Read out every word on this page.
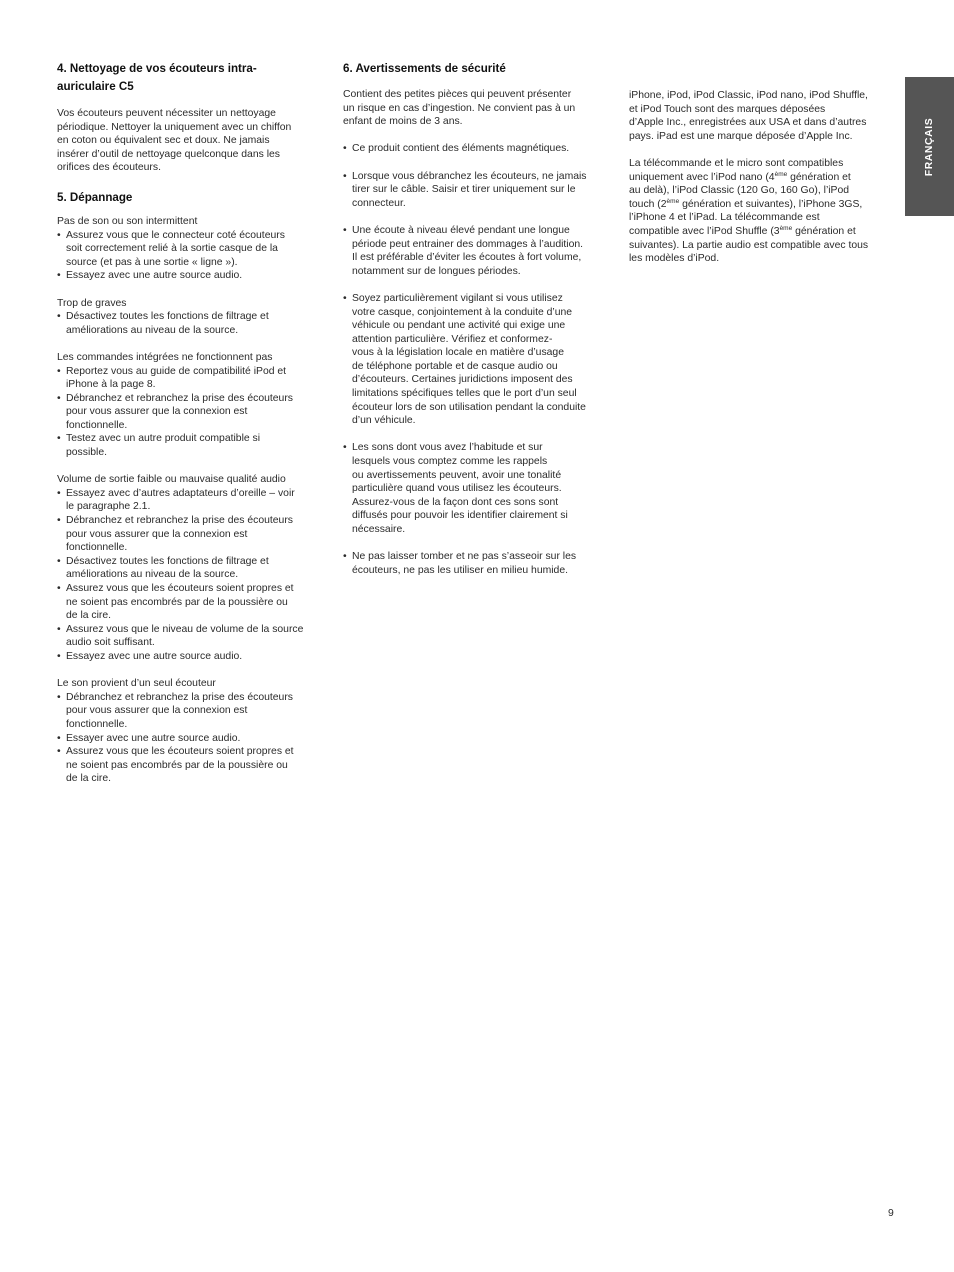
4. Nettoyage de vos écouteurs intra-
auriculaire C5

Vos écouteurs peuvent nécessiter un nettoyage
périodique. Nettoyer la uniquement avec un chiffon
en coton ou équivalent sec et doux. Ne jamais
insérer d’outil de nettoyage quelconque dans les
orifices des écouteurs.

5. Dépannage

Pas de son ou son intermittent

• Assurez vous que le connecteur coté écouteurs
soit correctement relié à la sortie casque de la
source (et pas à une sortie « ligne »).
• Essayez avec une autre source audio.

Trop de graves

• Désactivez toutes les fonctions de filtrage et
améliorations au niveau de la source.

Les commandes intégrées ne fonctionnent pas

• Reportez vous au guide de compatibilité iPod et
iPhone à la page 8.
• Débranchez et rebranchez la prise des écouteurs
pour vous assurer que la connexion est
fonctionnelle.
• Testez avec un autre produit compatible si
possible.

Volume de sortie faible ou mauvaise qualité audio

• Essayez avec d’autres adaptateurs d’oreille – voir
le paragraphe 2.1.
• Débranchez et rebranchez la prise des écouteurs
pour vous assurer que la connexion est
fonctionnelle.
• Désactivez toutes les fonctions de filtrage et
améliorations au niveau de la source.
• Assurez vous que les écouteurs soient propres et
ne soient pas encombrés par de la poussière ou
de la cire.
• Assurez vous que le niveau de volume de la source
audio soit suffisant.
• Essayez avec une autre source audio.

Le son provient d’un seul écouteur

• Débranchez et rebranchez la prise des écouteurs
pour vous assurer que la connexion est
fonctionnelle.
• Essayer avec une autre source audio.
• Assurez vous que les écouteurs soient propres et
ne soient pas encombrés par de la poussière ou
de la cire.
6. Avertissements de sécurité

Contient des petites pièces qui peuvent présenter
un risque en cas d’ingestion. Ne convient pas à un
enfant de moins de 3 ans.

• Ce produit contient des éléments magnétiques.
• Lorsque vous débranchez les écouteurs, ne jamais
tirer sur le câble. Saisir et tirer uniquement sur le
connecteur.
• Une écoute à niveau élevé pendant une longue
période peut entrainer des dommages à l’audition.
Il est préférable d’éviter les écoutes à fort volume,
notamment sur de longues périodes.
• Soyez particulièrement vigilant si vous utilisez
votre casque, conjointement à la conduite d’une
véhicule ou pendant une activité qui exige une
attention particulière. Vérifiez et conformez-
vous à la législation locale en matière d’usage
de téléphone portable et de casque audio ou
d’écouteurs. Certaines juridictions imposent des
limitations spécifiques telles que le port d’un seul
écouteur lors de son utilisation pendant la conduite
d’un véhicule.
• Les sons dont vous avez l’habitude et sur
lesquels vous comptez comme les rappels
ou avertissements peuvent, avoir une tonalité
particulière quand vous utilisez les écouteurs.
Assurez-vous de la façon dont ces sons sont
diffusés pour pouvoir les identifier clairement si
nécessaire.
• Ne pas laisser tomber et ne pas s’asseoir sur les
écouteurs, ne pas les utiliser en milieu humide.

iPhone, iPod, iPod Classic, iPod nano, iPod Shuffle,
et iPod Touch sont des marques déposées
d’Apple Inc., enregistrées aux USA et dans d’autres
pays. iPad est une marque déposée d’Apple Inc.

La télécommande et le micro sont compatibles
uniquement avec l’iPod nano (4ème génération et
au delà), l’iPod Classic (120 Go, 160 Go), l’iPod
touch (2ème génération et suivantes), l’iPhone 3GS,
l’iPhone 4 et l’iPad. La télécommande est
compatible avec l’iPod Shuffle (3ème génération et
suivantes). La partie audio est compatible avec tous
les modèles d’iPod.

FRANÇAIS
9
